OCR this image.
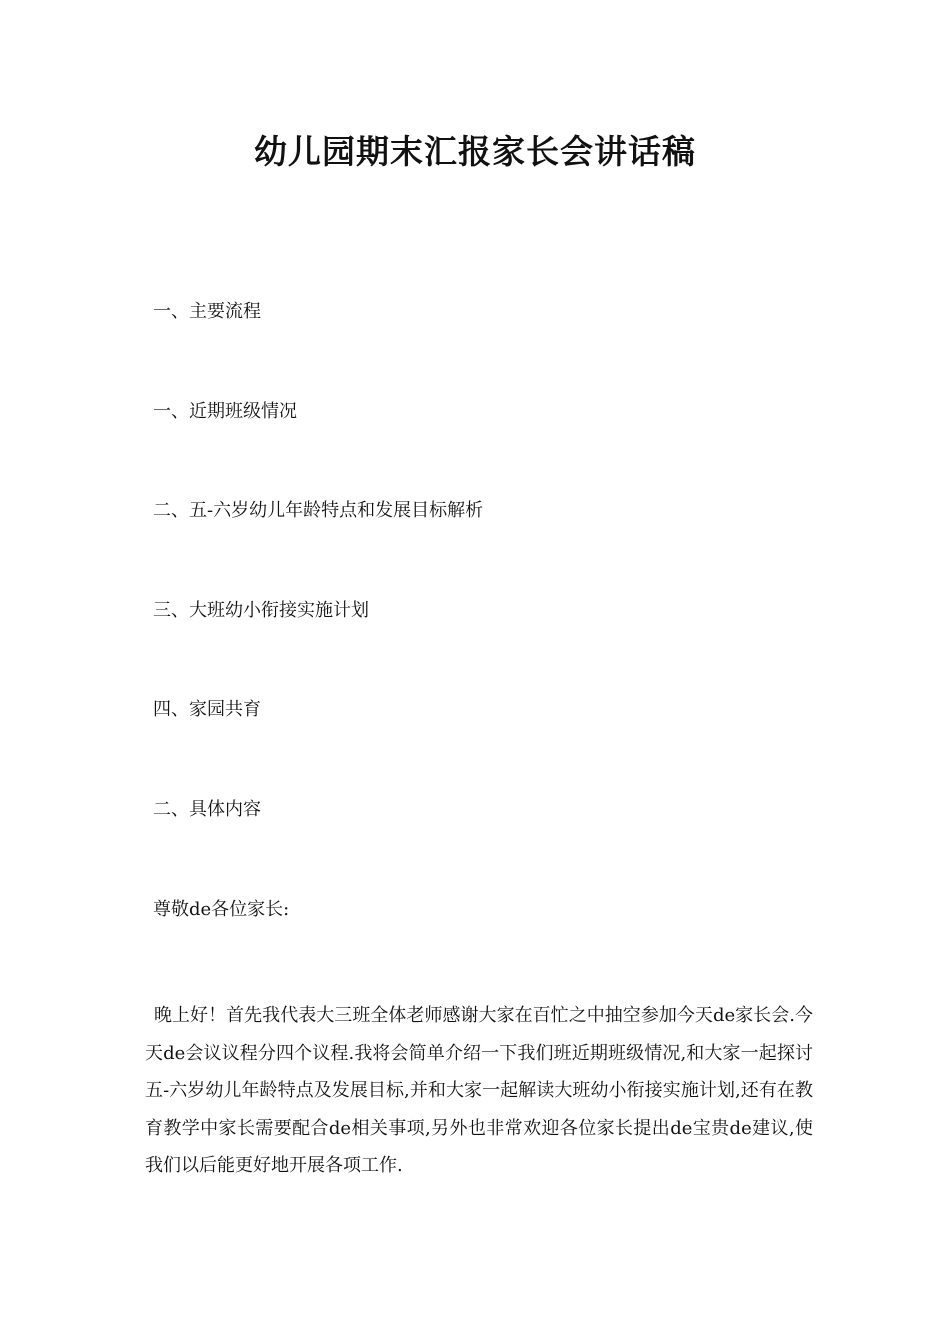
幼儿园期末汇报家长会讲话稿

一、主要流程

一、近期班级情况

二、五-六岁幼儿年龄特点和发展目标解析

三、大班幼小衔接实施计划

四、家园共育

二、具体内容

尊敬de各位家长:

晚上好！首先我代表大三班全体老师感谢大家在百忙之中抽空参加今天de家长会.今天de会议议程分四个议程.我将会简单介绍一下我们班近期班级情况,和大家一起探讨五-六岁幼儿年龄特点及发展目标,并和大家一起解读大班幼小衔接实施计划,还有在教育教学中家长需要配合de相关事项,另外也非常欢迎各位家长提出de宝贵de建议,使我们以后能更好地开展各项工作.
